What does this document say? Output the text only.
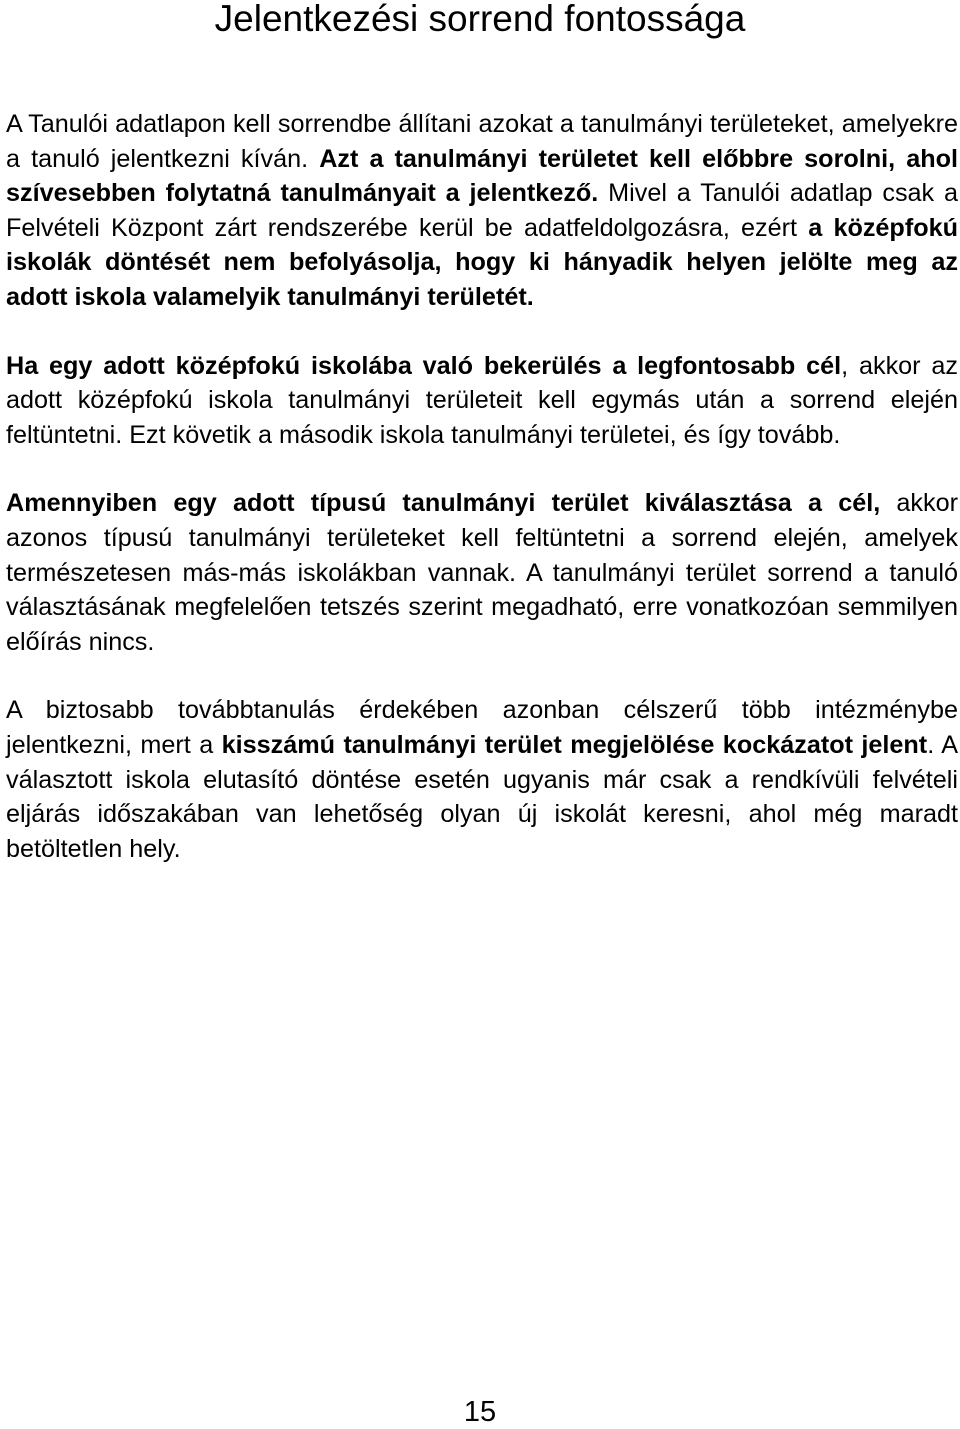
Jelentkezési sorrend fontossága

A Tanulói adatlapon kell sorrendbe állítani azokat a tanulmányi területeket, amelyekre a tanuló jelentkezni kíván. Azt a tanulmányi területet kell előbbre sorolni, ahol szívesebben folytatná tanulmányait a jelentkező. Mivel a Tanulói adatlap csak a Felvételi Központ zárt rendszerébe kerül be adatfeldolgozásra, ezért a középfokú iskolák döntését nem befolyásolja, hogy ki hányadik helyen jelölte meg az adott iskola valamelyik tanulmányi területét.

Ha egy adott középfokú iskolába való bekerülés a legfontosabb cél, akkor az adott középfokú iskola tanulmányi területeit kell egymás után a sorrend elején feltüntetni. Ezt követik a második iskola tanulmányi területei, és így tovább.

Amennyiben egy adott típusú tanulmányi terület kiválasztása a cél, akkor azonos típusú tanulmányi területeket kell feltüntetni a sorrend elején, amelyek természetesen más-más iskolákban vannak. A tanulmányi terület sorrend a tanuló választásának megfelelően tetszés szerint megadható, erre vonatkozóan semmilyen előírás nincs.

A biztosabb továbbtanulás érdekében azonban célszerű több intézménybe jelentkezni, mert a kisszámú tanulmányi terület megjelölése kockázatot jelent. A választott iskola elutasító döntése esetén ugyanis már csak a rendkívüli felvételi eljárás időszakában van lehetőség olyan új iskolát keresni, ahol még maradt betöltetlen hely.

15
